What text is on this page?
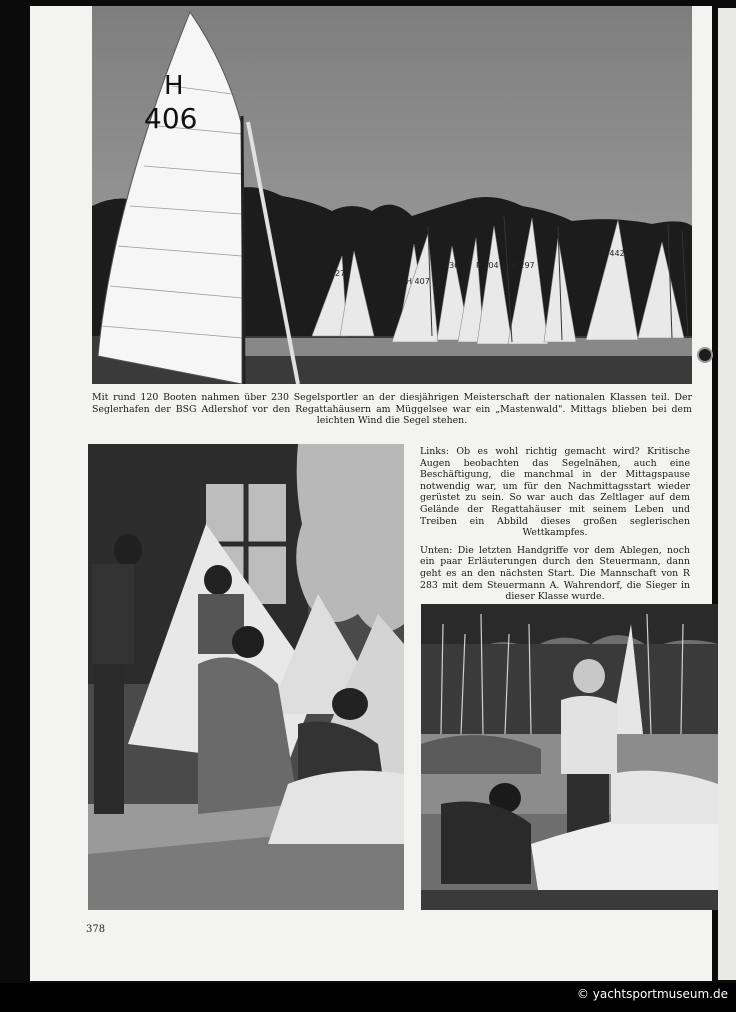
270
H 407
236
79
P 304 P 297
P 442
H
406

Mit rund 120 Booten nahmen über 230 Segelsportler an der diesjährigen Meisterschaft der nationalen Klassen teil. Der Seglerhafen der BSG Adlershof vor den Regattahäusern am Müggelsee war ein „Mastenwald". Mittags blieben bei dem leichten Wind die Segel stehen.

Links: Ob es wohl richtig gemacht wird? Kritische Augen beobachten das Segelnähen, auch eine Beschäftigung, die manchmal in der Mittagspause notwendig war, um für den Nachmittagsstart wieder gerüstet zu sein. So war auch das Zeltlager auf dem Gelände der Regattahäuser mit seinem Leben und Treiben ein Abbild dieses großen seglerischen Wettkampfes.

Unten: Die letzten Handgriffe vor dem Ablegen, noch ein paar Erläuterungen durch den Steuermann, dann geht es an den nächsten Start. Die Mannschaft von R 283 mit dem Steuermann A. Wahrendorf, die Sieger in dieser Klasse wurde.

378
© yachtsportmuseum.de
